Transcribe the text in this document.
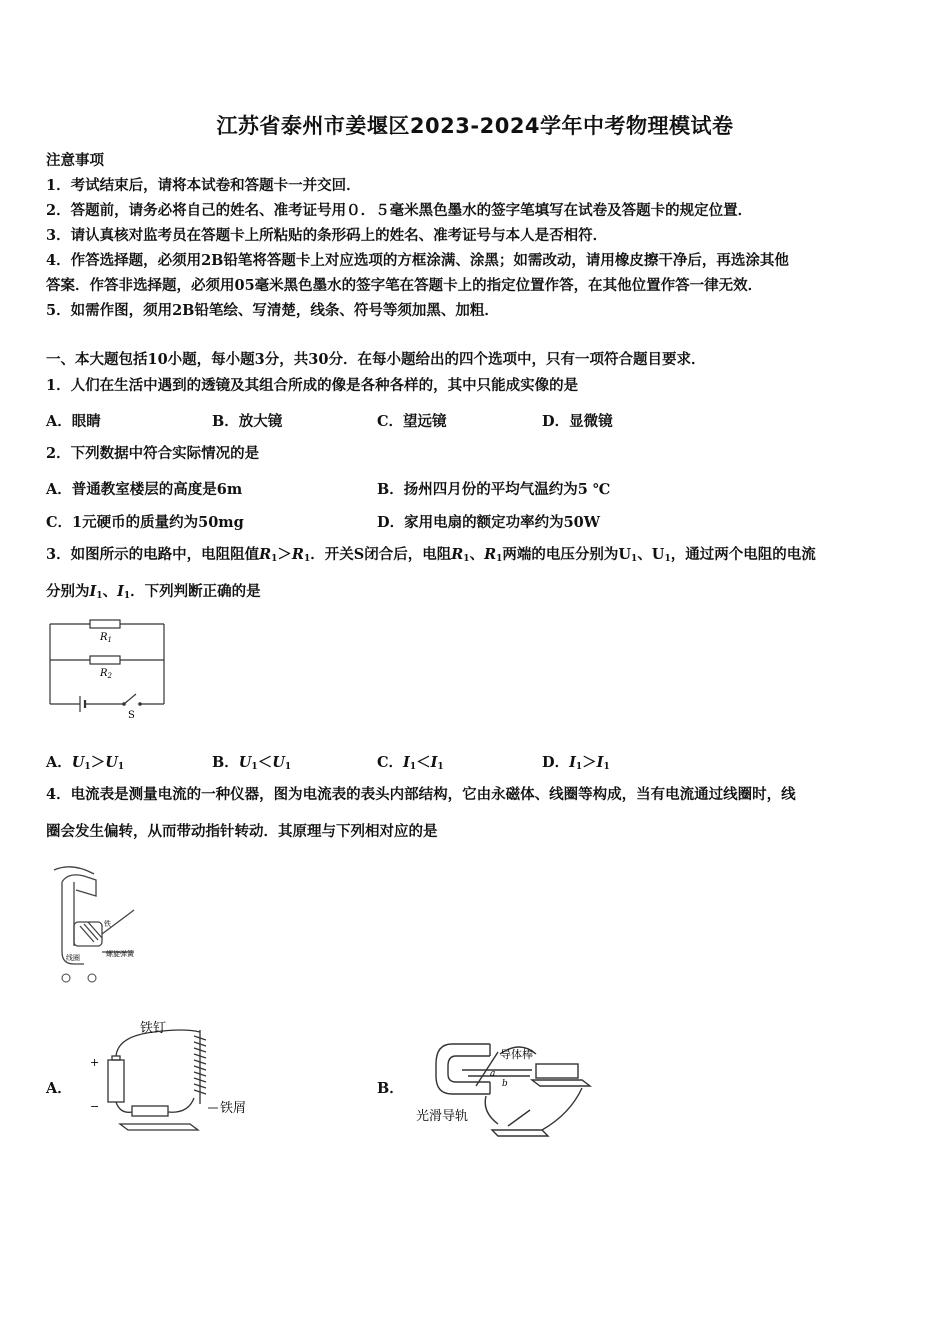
江苏省泰州市姜堰区2023-2024学年中考物理模试卷
注意事项
1．考试结束后，请将本试卷和答题卡一并交回．
2．答题前，请务必将自己的姓名、准考证号用０．５毫米黑色墨水的签字笔填写在试卷及答题卡的规定位置．
3．请认真核对监考员在答题卡上所粘贴的条形码上的姓名、准考证号与本人是否相符．
4．作答选择题，必须用2B铅笔将答题卡上对应选项的方框涂满、涂黑；如需改动，请用橡皮擦干净后，再选涂其他
答案．作答非选择题，必须用05毫米黑色墨水的签字笔在答题卡上的指定位置作答，在其他位置作答一律无效．
5．如需作图，须用2B铅笔绘、写清楚，线条、符号等须加黑、加粗．
一、本大题包括10小题，每小题3分，共30分．在每小题给出的四个选项中，只有一项符合题目要求．
1．人们在生活中遇到的透镜及其组合所成的像是各种各样的，其中只能成实像的是
A．眼睛	B．放大镜	C．望远镜	D．显微镜
2．下列数据中符合实际情况的是
A．普通教室楼层的高度是6m	B．扬州四月份的平均气温约为5 ℃
C．1元硬币的质量约为50mg	D．家用电扇的额定功率约为50W
3．如图所示的电路中，电阻阻值$R_1>R_1$．开关S闭合后，电阻$R_1$、$R_1$两端的电压分别为$U_1$、$U_1$，通过两个电阻的电流
分别为$I_1$、$I_1$．下列判断正确的是
$R_1$
$R_2$
S
A．$U_1>U_1$	B．$U_1<U_1$	C．$I_1<I_1$	D．$I_1>I_1$
4．电流表是测量电流的一种仪器，图为电流表的表头内部结构，它由永磁体、线圈等构成，当有电流通过线圈时，线
圈会发生偏转，从而带动指针转动．其原理与下列相对应的是
铁
线圈	螺旋弹簧
A．
+
−
铁钉
铁屑
B．
导体棒
a
b
光滑导轨
